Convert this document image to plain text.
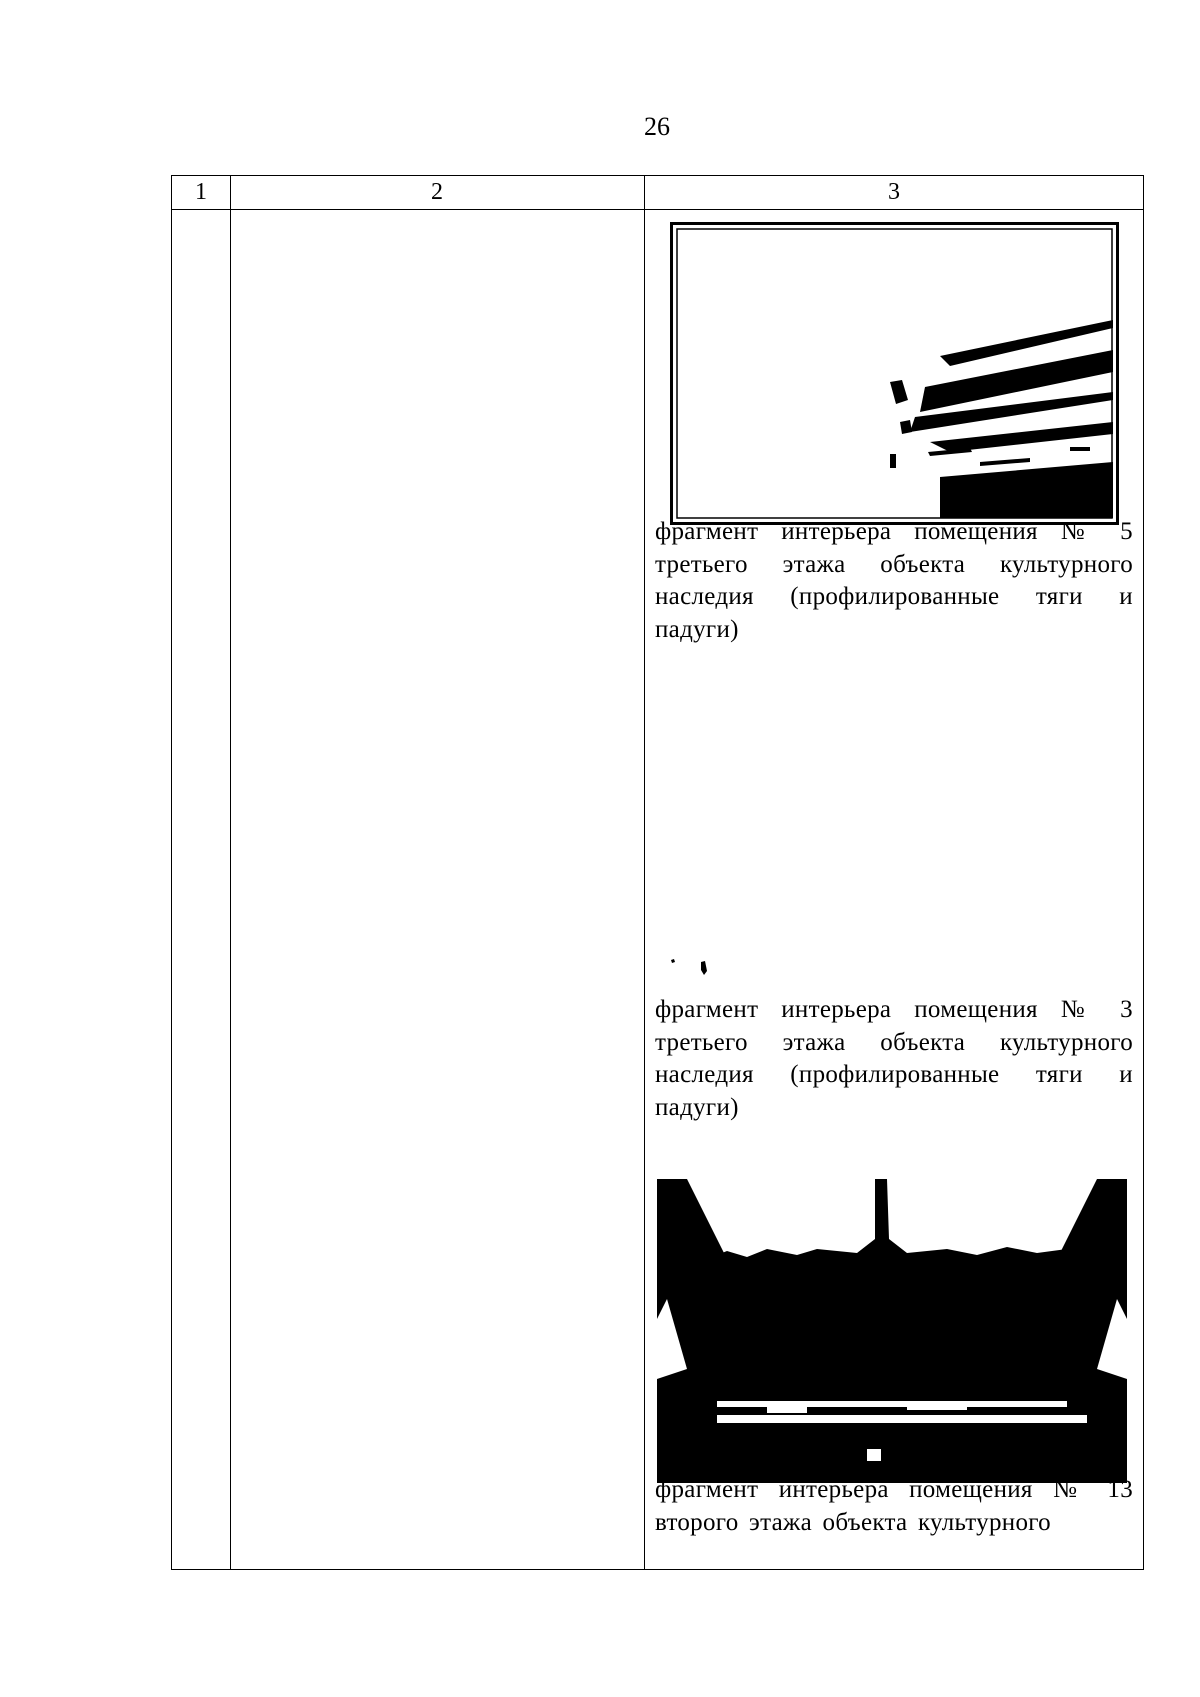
26
1	2	3
фрагмент интерьера помещения № 5 третьего этажа объекта культурного наследия (профилированные тяги и падуги)
фрагмент интерьера помещения № 3 третьего этажа объекта культурного наследия (профилированные тяги и падуги)
фрагмент интерьера помещения № 13 второго этажа объекта культурного
